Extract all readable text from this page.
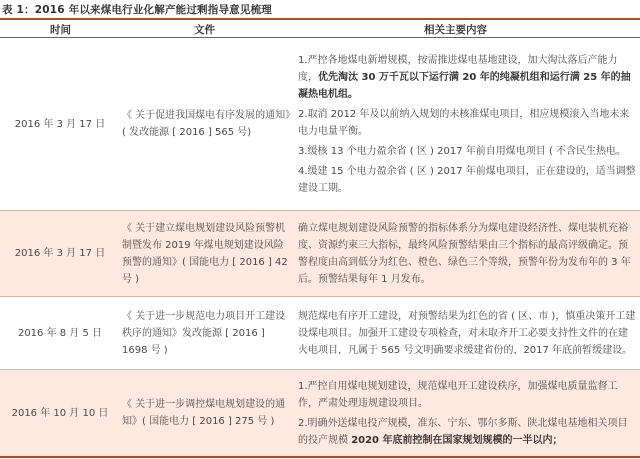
表 1：2016 年以来煤电行业化解产能过剩指导意见梳理
时间	文件	相关主要内容
2016 年 3 月 17 日
《 关于促进我国煤电有序发展的通知》( 发改能源 [ 2016 ] 565 号)

1.严控各地煤电新增规模，按需推进煤电基地建设，加大淘汰落后产能力度，优先淘汰 30 万千瓦以下运行满 20 年的纯凝机组和运行满 25 年的抽凝热电机组。

2.取消 2012 年及以前纳入规划的未核准煤电项目，相应规模滚入当地未来电力电量平衡。

3.缓核 13 个电力盈余省 ( 区 ) 2017 年前自用煤电项目 ( 不含民生热电。

4.缓建 15 个电力盈余省 ( 区 ) 2017 年前煤电项目，正在建设的，适当调整建设工期。

2016 年 3 月 17 日
《 关于建立煤电规划建设风险预警机制暨发布 2019 年煤电规划建设风险预警的通知》( 国能电力 [ 2016 ] 42 号 )

确立煤电规划建设风险预警的指标体系分为煤电建设经济性、煤电装机充裕度、资源约束三大指标，最终风险预警结果由三个指标的最高评级确定。预警程度由高到低分为红色、橙色、绿色三个等级，预警年份为发布年的 3 年后。预警结果每年 1 月发布。

2016 年 8 月 5 日
《 关于进一步规范电力项目开工建设秩序的通知》发改能源 [ 2016 ] 1698 号 )

规范煤电有序开工建设，对预警结果为红色的省 ( 区、市 )，慎重决策开工建设煤电项目。加强开工建设专项检查，对未取齐开工必要支持性文件的在建火电项目，凡属于 565 号文明确要求缓建省份的，2017 年底前暂缓建设。

2016 年 10 月 10 日
《 关于进一步调控煤电规划建设的通知》( 国能电力 [ 2016 ] 275 号 )

1.严控自用煤电规划建设，规范煤电开工建设秩序，加强煤电质量监督工作，严肃处理违规建设项目。

2.明确外送煤电投产规模，准东、宁东、鄂尔多斯、陕北煤电基地相关项目的投产规模 2020 年底前控制在国家规划规模的一半以内；
